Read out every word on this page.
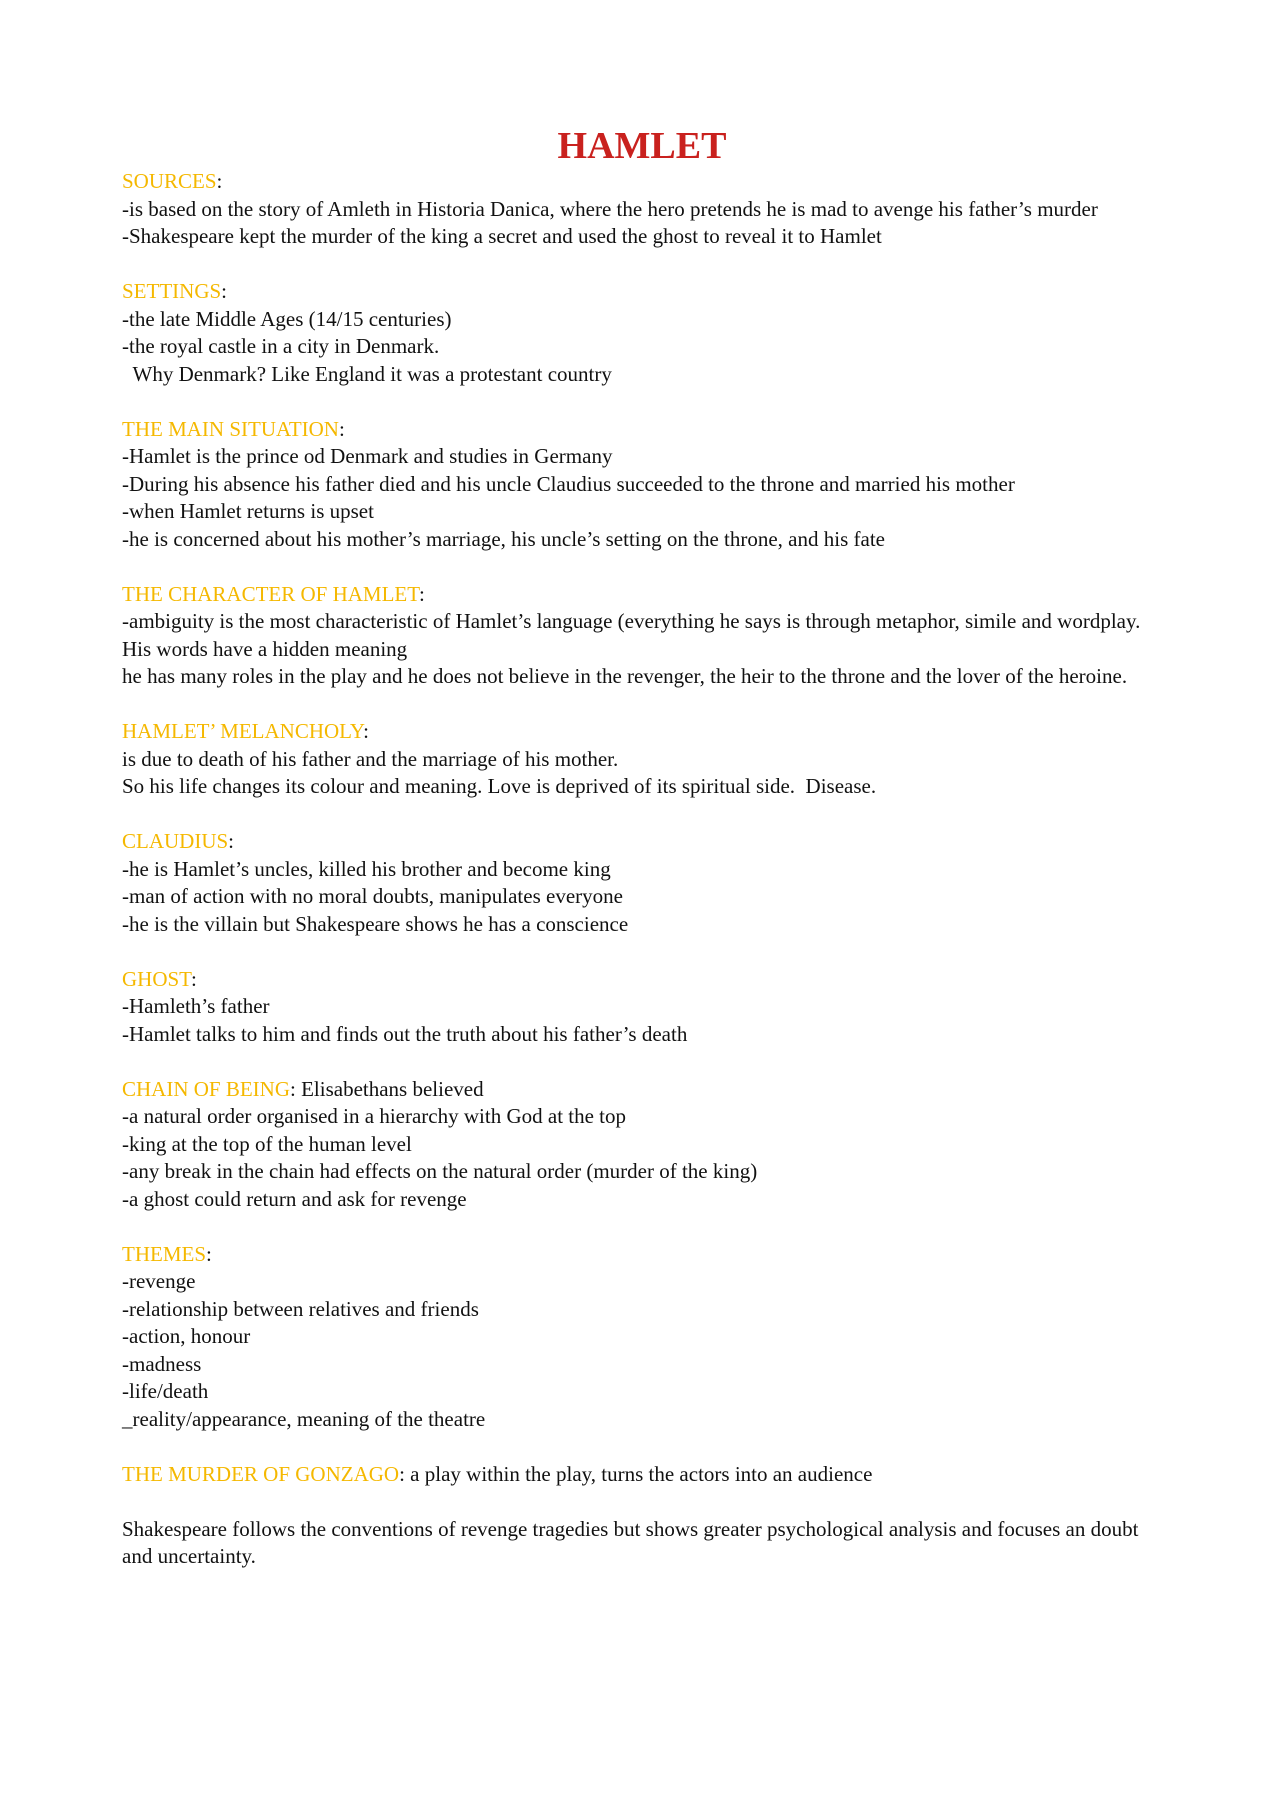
HAMLET

SOURCES:

-is based on the story of Amleth in Historia Danica, where the hero pretends he is mad to avenge his father’s murder

-Shakespeare kept the murder of the king a secret and used the ghost to reveal it to Hamlet

SETTINGS:

-the late Middle Ages (14/15 centuries)

-the royal castle in a city in Denmark.

Why Denmark? Like England it was a protestant country

THE MAIN SITUATION:

-Hamlet is the prince od Denmark and studies in Germany

-During his absence his father died and his uncle Claudius succeeded to the throne and married his mother

-when Hamlet returns is upset

-he is concerned about his mother’s marriage, his uncle’s setting on the throne, and his fate

THE CHARACTER OF HAMLET:

-ambiguity is the most characteristic of Hamlet’s language (everything he says is through metaphor, simile and wordplay. His words have a hidden meaning

he has many roles in the play and he does not believe in the revenger, the heir to the throne and the lover of the heroine.

HAMLET’ MELANCHOLY:

is due to death of his father and the marriage of his mother.

So his life changes its colour and meaning. Love is deprived of its spiritual side.  Disease.

CLAUDIUS:

-he is Hamlet’s uncles, killed his brother and become king

-man of action with no moral doubts, manipulates everyone

-he is the villain but Shakespeare shows he has a conscience

GHOST:

-Hamleth’s father

-Hamlet talks to him and finds out the truth about his father’s death

CHAIN OF BEING: Elisabethans believed

-a natural order organised in a hierarchy with God at the top

-king at the top of the human level

-any break in the chain had effects on the natural order (murder of the king)

-a ghost could return and ask for revenge

THEMES:

-revenge

-relationship between relatives and friends

-action, honour

-madness

-life/death

_reality/appearance, meaning of the theatre

THE MURDER OF GONZAGO: a play within the play, turns the actors into an audience

Shakespeare follows the conventions of revenge tragedies but shows greater psychological analysis and focuses an doubt and uncertainty.
